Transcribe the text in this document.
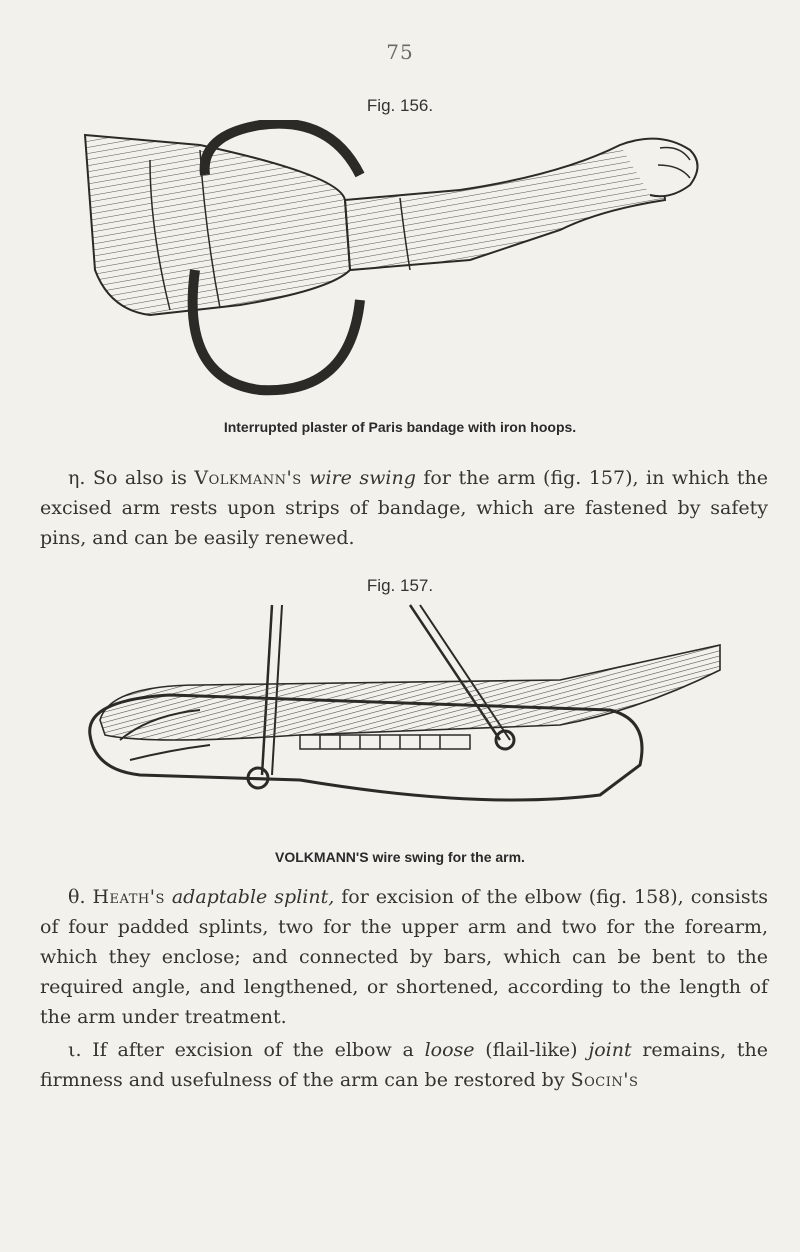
75
Fig. 156.
Interrupted plaster of Paris bandage with iron hoops.

η. So also is Volkmann's wire swing for the arm (fig. 157), in which the excised arm rests upon strips of bandage, which are fastened by safety pins, and can be easily renewed.

Fig. 157.
VOLKMANN'S wire swing for the arm.

θ. Heath's adaptable splint, for excision of the elbow (fig. 158), consists of four padded splints, two for the upper arm and two for the forearm, which they enclose; and connected by bars, which can be bent to the required angle, and lengthened, or shortened, according to the length of the arm under treatment.

ι. If after excision of the elbow a loose (flail-like) joint remains, the firmness and usefulness of the arm can be restored by Socin's
